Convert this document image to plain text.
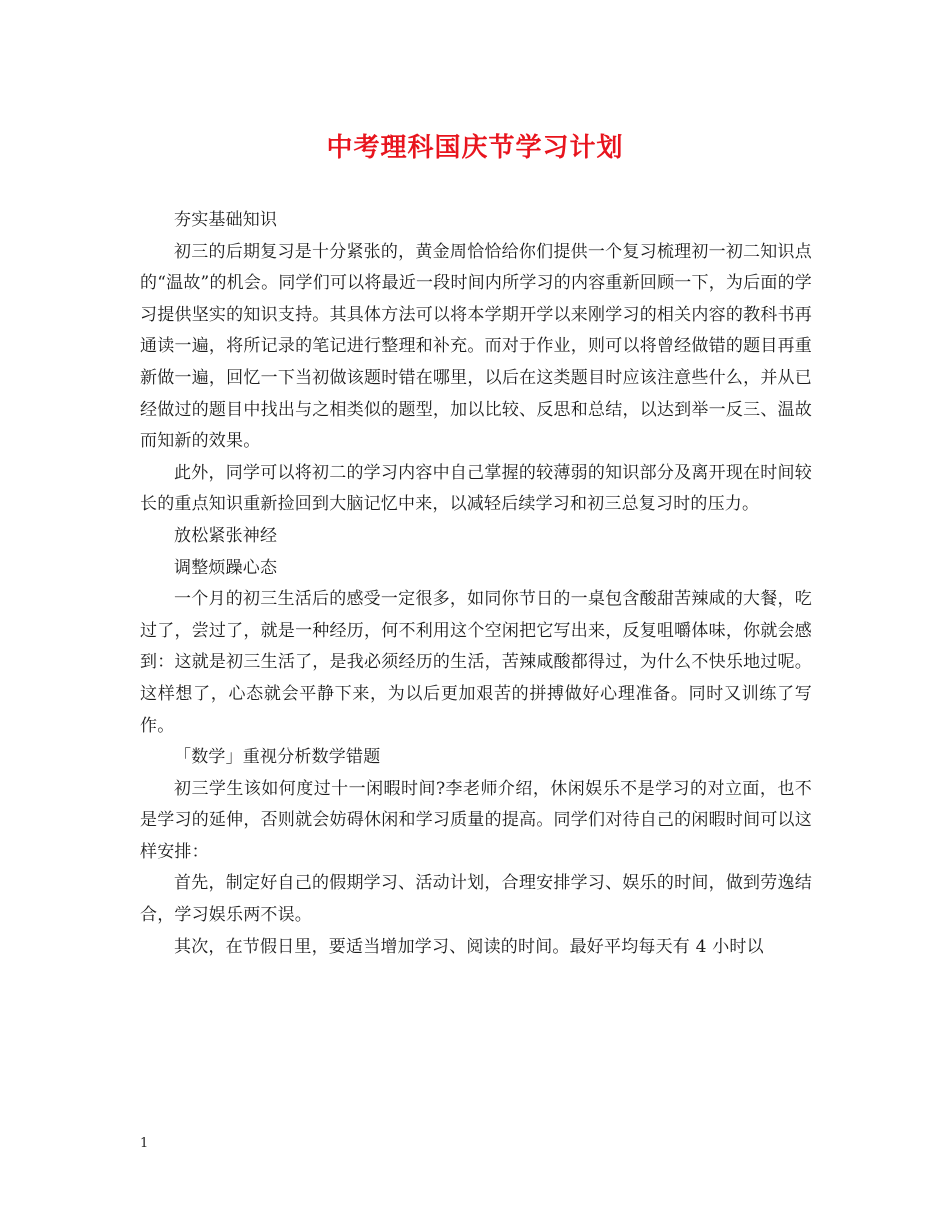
中考理科国庆节学习计划

夯实基础知识

初三的后期复习是十分紧张的，黄金周恰恰给你们提供一个复习梳理初一初二知识点的“温故”的机会。同学们可以将最近一段时间内所学习的内容重新回顾一下，为后面的学习提供坚实的知识支持。其具体方法可以将本学期开学以来刚学习的相关内容的教科书再通读一遍，将所记录的笔记进行整理和补充。而对于作业，则可以将曾经做错的题目再重新做一遍，回忆一下当初做该题时错在哪里，以后在这类题目时应该注意些什么，并从已经做过的题目中找出与之相类似的题型，加以比较、反思和总结，以达到举一反三、温故而知新的效果。

此外，同学可以将初二的学习内容中自己掌握的较薄弱的知识部分及离开现在时间较长的重点知识重新捡回到大脑记忆中来，以减轻后续学习和初三总复习时的压力。

放松紧张神经

调整烦躁心态

一个月的初三生活后的感受一定很多，如同你节日的一桌包含酸甜苦辣咸的大餐，吃过了，尝过了，就是一种经历，何不利用这个空闲把它写出来，反复咀嚼体味，你就会感到：这就是初三生活了，是我必须经历的生活，苦辣咸酸都得过，为什么不快乐地过呢。这样想了，心态就会平静下来，为以后更加艰苦的拼搏做好心理准备。同时又训练了写作。

「数学」重视分析数学错题

初三学生该如何度过十一闲暇时间?李老师介绍，休闲娱乐不是学习的对立面，也不是学习的延伸，否则就会妨碍休闲和学习质量的提高。同学们对待自己的闲暇时间可以这样安排：

首先，制定好自己的假期学习、活动计划，合理安排学习、娱乐的时间，做到劳逸结合，学习娱乐两不误。

其次，在节假日里，要适当增加学习、阅读的时间。最好平均每天有 4 小时以

1
